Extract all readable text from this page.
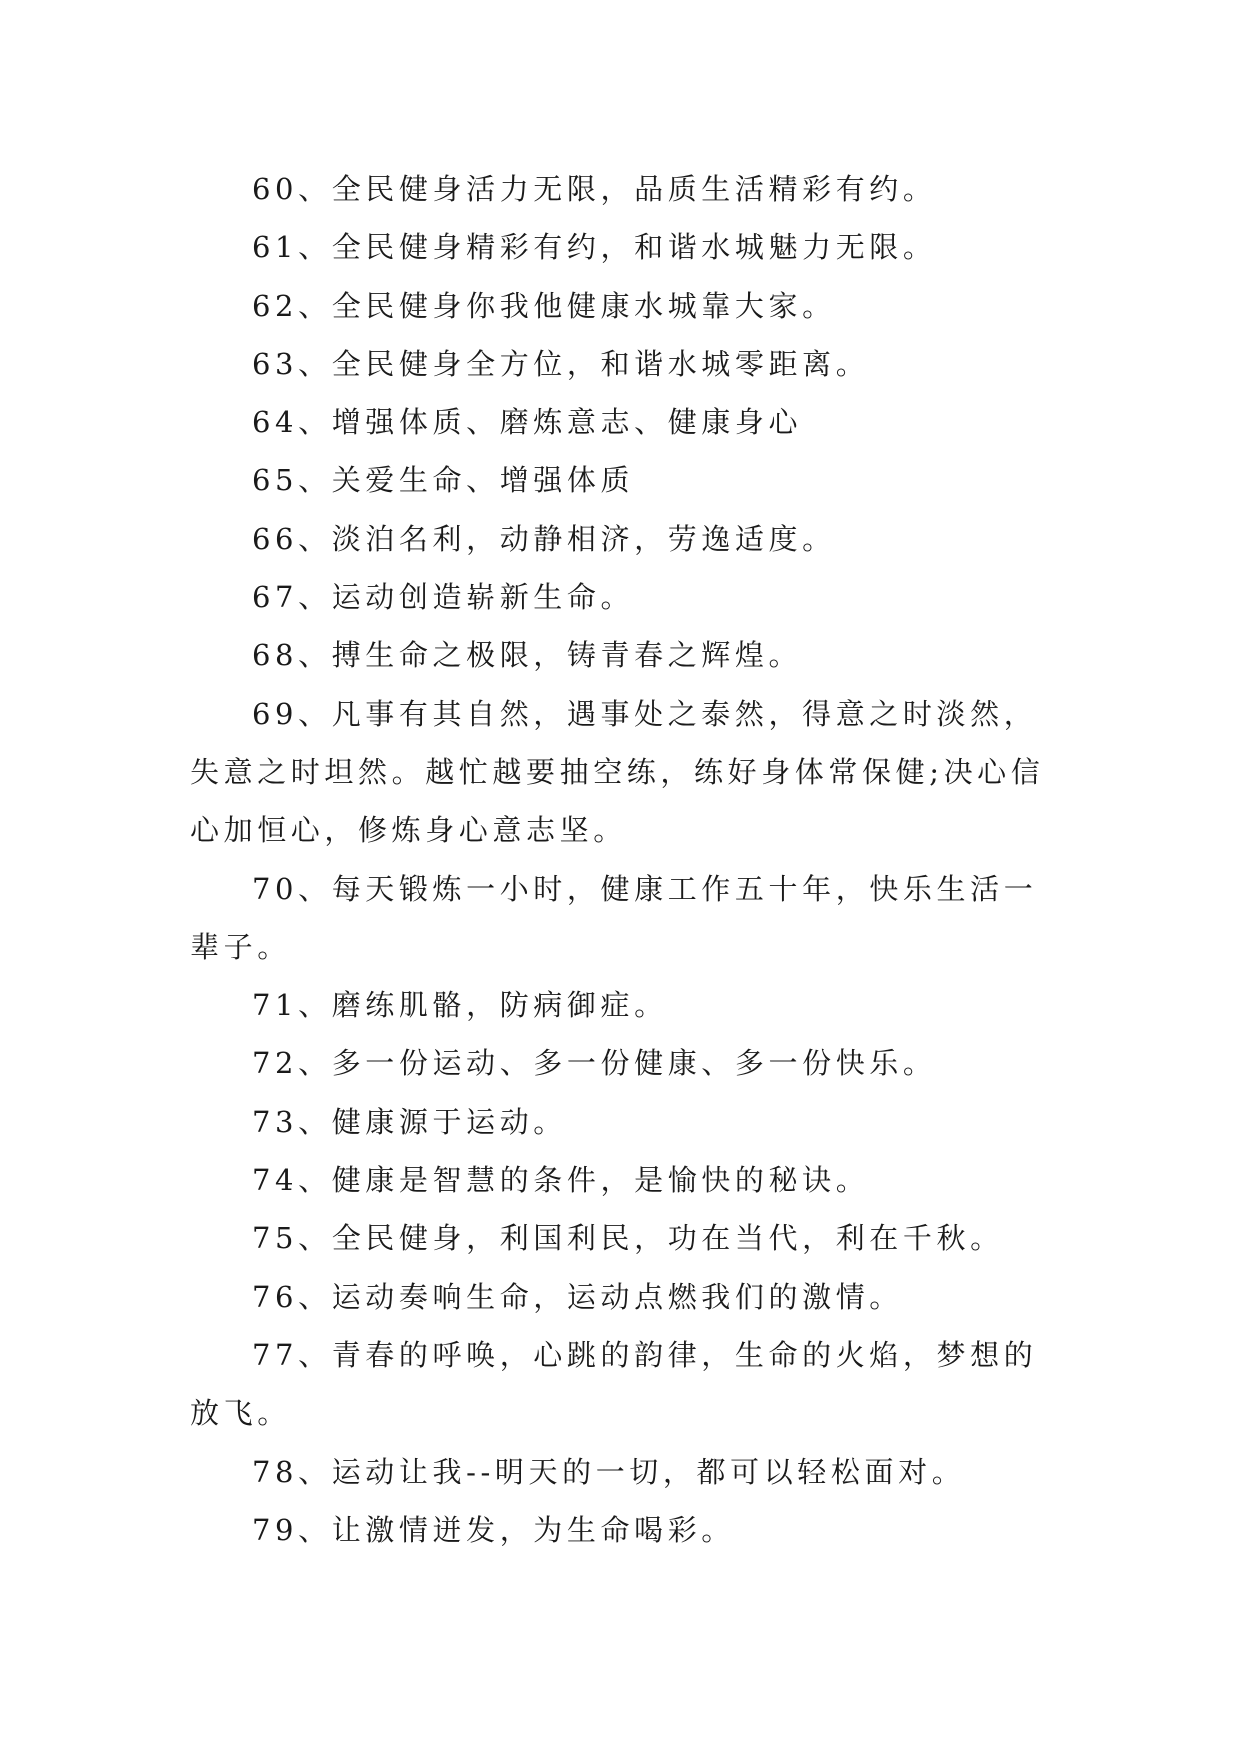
60、全民健身活力无限，品质生活精彩有约。

61、全民健身精彩有约，和谐水城魅力无限。

62、全民健身你我他健康水城靠大家。

63、全民健身全方位，和谐水城零距离。

64、增强体质、磨炼意志、健康身心

65、关爱生命、增强体质

66、淡泊名利，动静相济，劳逸适度。

67、运动创造崭新生命。

68、搏生命之极限，铸青春之辉煌。

69、凡事有其自然，遇事处之泰然，得意之时淡然，失意之时坦然。越忙越要抽空练，练好身体常保健;决心信心加恒心，修炼身心意志坚。

70、每天锻炼一小时，健康工作五十年，快乐生活一辈子。

71、磨练肌骼，防病御症。

72、多一份运动、多一份健康、多一份快乐。

73、健康源于运动。

74、健康是智慧的条件，是愉快的秘诀。

75、全民健身，利国利民，功在当代，利在千秋。

76、运动奏响生命，运动点燃我们的激情。

77、青春的呼唤，心跳的韵律，生命的火焰，梦想的放飞。

78、运动让我--明天的一切，都可以轻松面对。

79、让激情迸发，为生命喝彩。
